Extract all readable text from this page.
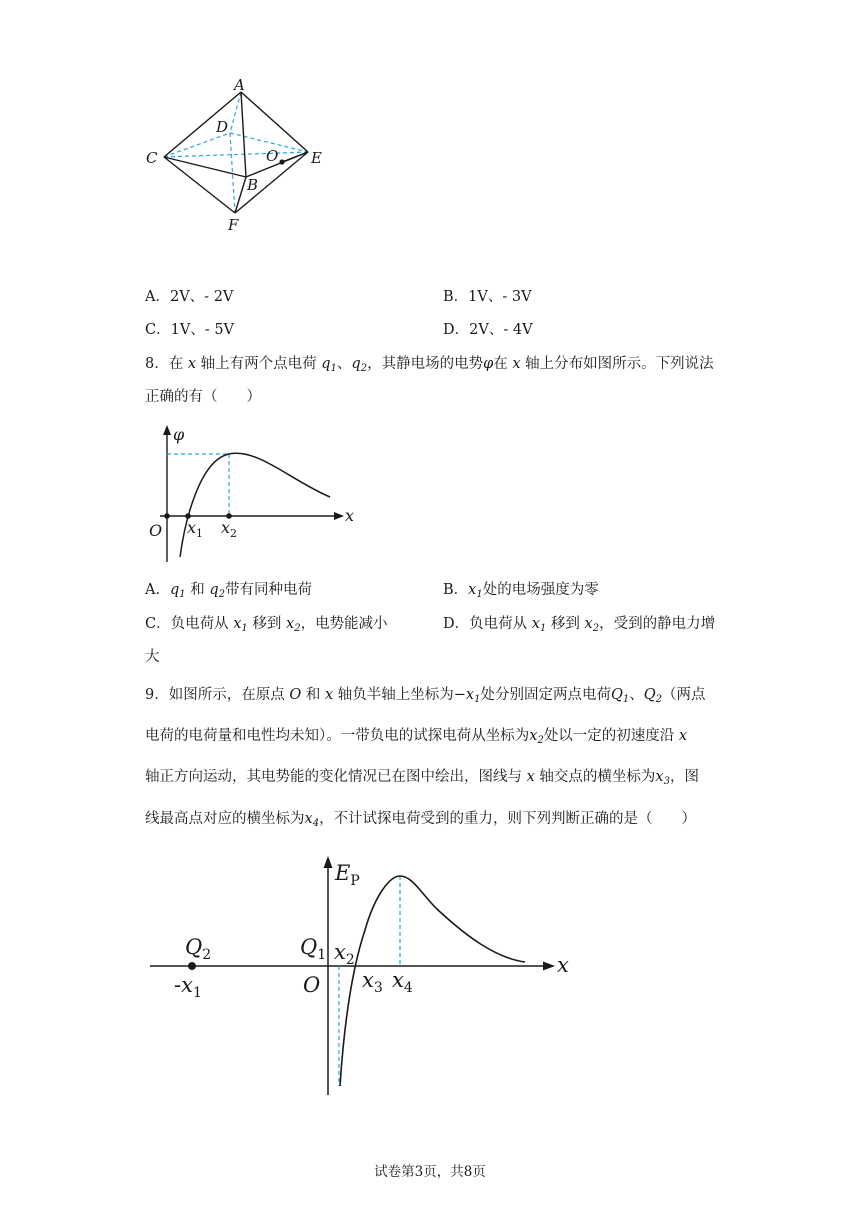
A
D
C	O E
B
F
A．2V、- 2V	B．1V、- 3V
C．1V、- 5V	D．2V、- 4V
8．在 x 轴上有两个点电荷 $q_1$、$q_2$，其静电场的电势φ在 x 轴上分布如图所示。下列说法
正确的有（　　）
φ
x
O $x_1$ $x_2$
A．$q_1$ 和 $q_2$带有同种电荷	B．$x_1$处的电场强度为零
C．负电荷从 $x_1$ 移到 $x_2$，电势能减小	D．负电荷从 $x_1$ 移到 $x_2$，受到的静电力增
大
9．如图所示，在原点 O 和 x 轴负半轴上坐标为$-x_1$处分别固定两点电荷$Q_1$、$Q_2$（两点
电荷的电荷量和电性均未知）。一带负电的试探电荷从坐标为$x_2$处以一定的初速度沿 x
轴正方向运动，其电势能的变化情况已在图中绘出，图线与 x 轴交点的横坐标为$x_3$，图
线最高点对应的横坐标为$x_4$，不计试探电荷受到的重力，则下列判断正确的是（　　）
$E_P$
x
$Q_2$
$-x_1$
$Q_1$ $x_2$
O $x_3$ $x_4$
试卷第3页，共8页
